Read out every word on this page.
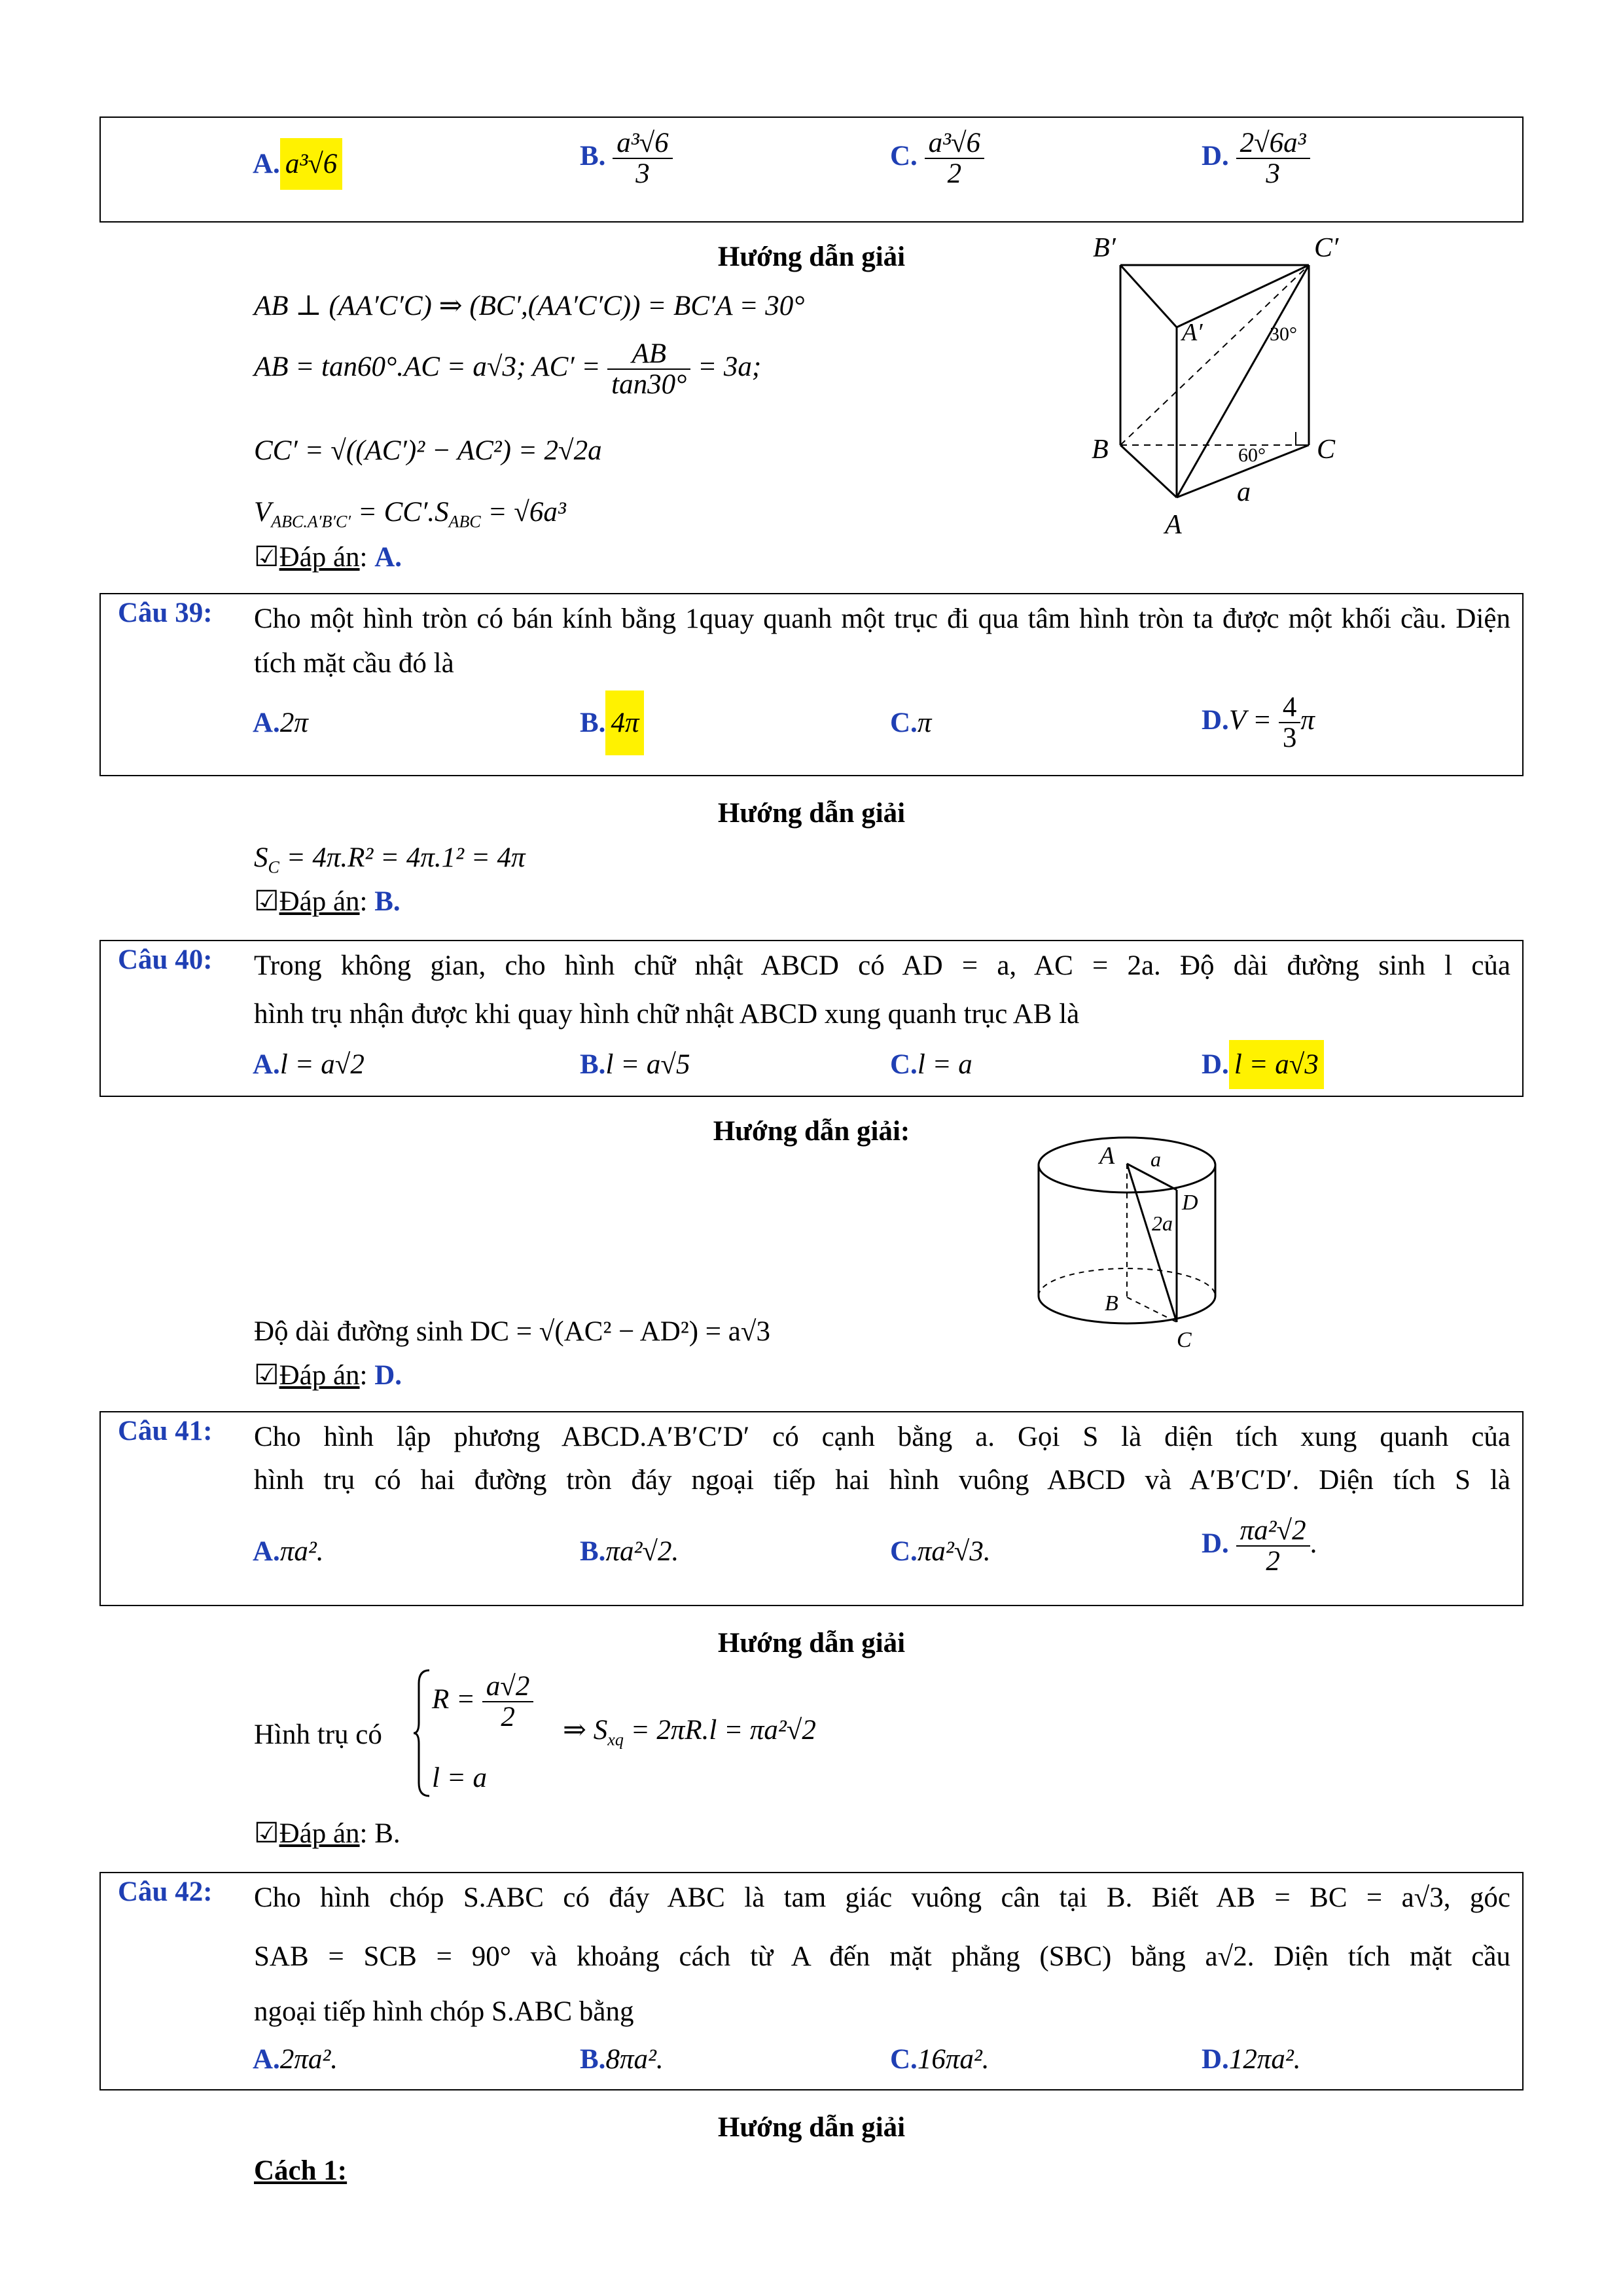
A. a³√6	B. $\frac{\text{a³√6}}{3}$	C. $\frac{\text{a³√6}}{2}$	D. $\frac{\text{2√6a³}}{3}$
Hướng dẫn giải
AB ⊥ (AA′C′C) ⇒ (BC′,(AA′C′C)) = BC′A = 30°
AB = tan60°.AC = a√3; $AC' = \frac{AB}{\tan 30^\circ} = 3a$;
CC′ = √((AC′)² − AC²) = 2√2a
$V_{ABC.A'B'C'} = CC'.S_{ABC} = √6a^3$
☑Đáp án: A.
B′	C′
A′	30°
B	C
60°
a
A
Câu 39: Cho một hình tròn có bán kính bằng 1quay quanh một trục đi qua tâm hình tròn ta được một khối cầu. Diện tích mặt cầu đó là
A.2π	B. 4π	C.π	$D.V = \frac{4}{3}$ π
Hướng dẫn giải
$S_C = 4\pi.R^2 = 4\pi.1^2 = 4\pi$
☑Đáp án: B.
Câu 40: Trong không gian, cho hình chữ nhật ABCD có AD = a, AC = 2a. Độ dài đường sinh l của
hình trụ nhận được khi quay hình chữ nhật ABCD xung quanh trục AB là
A.l = a√2	B.l = a√5	C.l = a	D. l = a√3
Hướng dẫn giải:
Độ dài đường sinh DC = √(AC² − AD²) = a√3
☑Đáp án: D.
A a
D
2a
B
C
Câu 41: Cho hình lập phương ABCD.A′B′C′D′ có cạnh bằng a. Gọi S là diện tích xung quanh của
hình trụ có hai đường tròn đáy ngoại tiếp hai hình vuông ABCD và A′B′C′D′. Diện tích S là
A.πa².	B.πa²√2.	C.πa²√3.	D. $\frac{\text{πa²√2}}{2}$ .
Hướng dẫn giải
Hình trụ có
$R = \frac{a√2}{2}$
l = a
⇒ $S_{xq} = 2\pi R.l = \pi a^2√2$
☑Đáp án: B.
Câu 42: Cho hình chóp S.ABC có đáy ABC là tam giác vuông cân tại B. Biết AB = BC = a√3, góc
SAB = SCB = 90° và khoảng cách từ A đến mặt phẳng (SBC) bằng a√2. Diện tích mặt cầu
ngoại tiếp hình chóp S.ABC bằng
A.2πa².	B.8πa².	C.16πa².	D.12πa².
Hướng dẫn giải
Cách 1:
